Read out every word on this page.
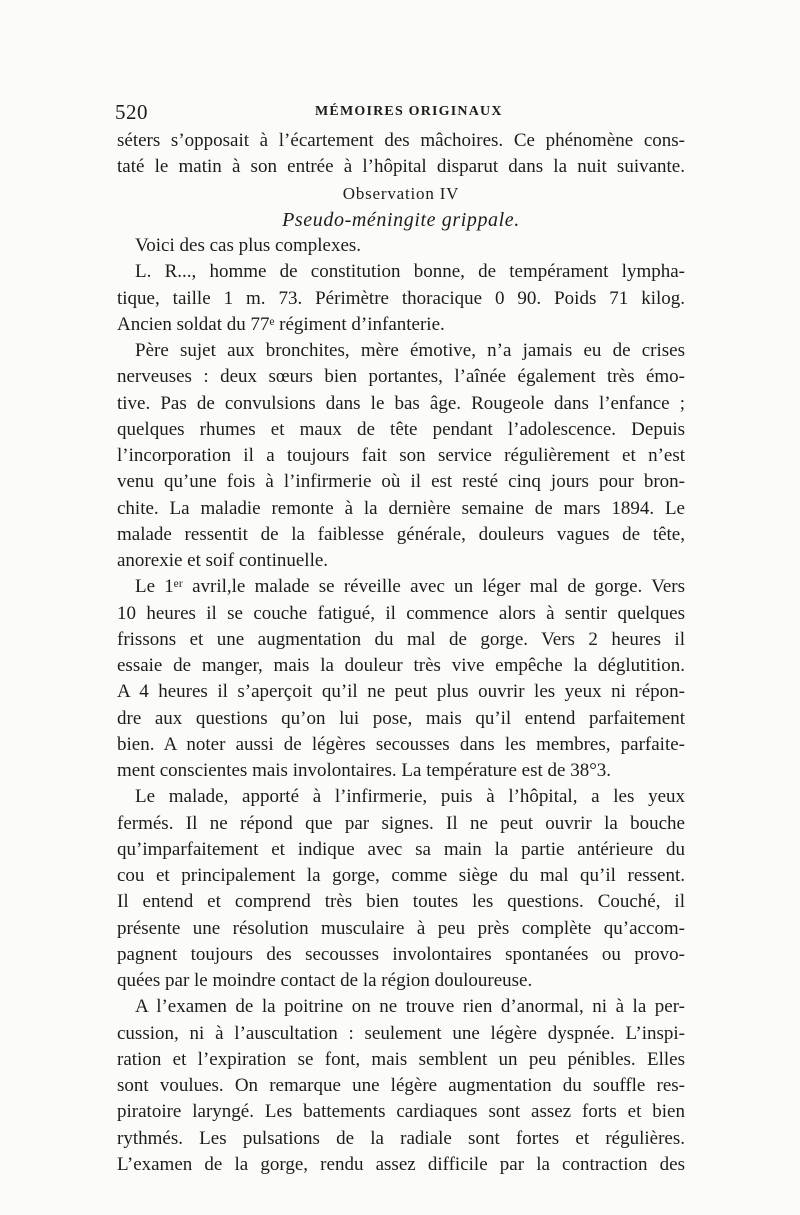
520	MÉMOIRES ORIGINAUX
séters s’opposait à l’écartement des mâchoires. Ce phénomène cons-
taté le matin à son entrée à l’hôpital disparut dans la nuit suivante.
Observation IV
Pseudo-méningite grippale.
Voici des cas plus complexes.
L. R..., homme de constitution bonne, de tempérament lympha-
tique, taille 1 m. 73. Périmètre thoracique 0 90. Poids 71 kilog.
Ancien soldat du 77ᵉ régiment d’infanterie.
Père sujet aux bronchites, mère émotive, n’a jamais eu de crises
nerveuses : deux sœurs bien portantes, l’aînée également très émo-
tive. Pas de convulsions dans le bas âge. Rougeole dans l’enfance ;
quelques rhumes et maux de tête pendant l’adolescence. Depuis
l’incorporation il a toujours fait son service régulièrement et n’est
venu qu’une fois à l’infirmerie où il est resté cinq jours pour bron-
chite. La maladie remonte à la dernière semaine de mars 1894. Le
malade ressentit de la faiblesse générale, douleurs vagues de tête,
anorexie et soif continuelle.
Le 1ᵉʳ avril,le malade se réveille avec un léger mal de gorge. Vers
10 heures il se couche fatigué, il commence alors à sentir quelques
frissons et une augmentation du mal de gorge. Vers 2 heures il
essaie de manger, mais la douleur très vive empêche la déglutition.
A 4 heures il s’aperçoit qu’il ne peut plus ouvrir les yeux ni répon-
dre aux questions qu’on lui pose, mais qu’il entend parfaitement
bien. A noter aussi de légères secousses dans les membres, parfaite-
ment conscientes mais involontaires. La température est de 38°3.
Le malade, apporté à l’infirmerie, puis à l’hôpital, a les yeux
fermés. Il ne répond que par signes. Il ne peut ouvrir la bouche
qu’imparfaitement et indique avec sa main la partie antérieure du
cou et principalement la gorge, comme siège du mal qu’il ressent.
Il entend et comprend très bien toutes les questions. Couché, il
présente une résolution musculaire à peu près complète qu’accom-
pagnent toujours des secousses involontaires spontanées ou provo-
quées par le moindre contact de la région douloureuse.
A l’examen de la poitrine on ne trouve rien d’anormal, ni à la per-
cussion, ni à l’auscultation : seulement une légère dyspnée. L’inspi-
ration et l’expiration se font, mais semblent un peu pénibles. Elles
sont voulues. On remarque une légère augmentation du souffle res-
piratoire laryngé. Les battements cardiaques sont assez forts et bien
rythmés. Les pulsations de la radiale sont fortes et régulières.
L’examen de la gorge, rendu assez difficile par la contraction des
